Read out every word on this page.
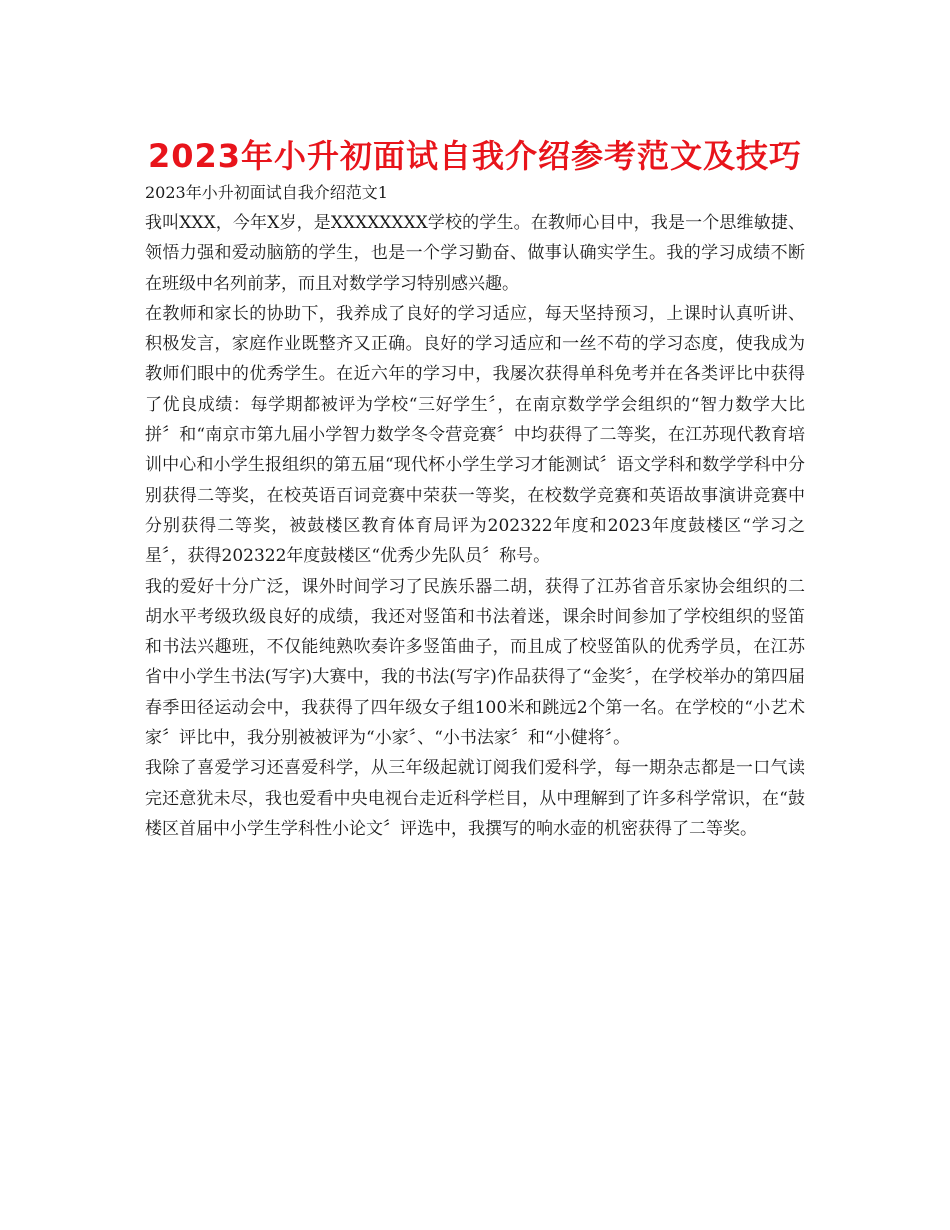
2023年小升初面试自我介绍参考范文及技巧

2023年小升初面试自我介绍范文1

我叫XXX，今年X岁，是XXXXXXXX学校的学生。在教师心目中，我是一个思维敏捷、领悟力强和爱动脑筋的学生，也是一个学习勤奋、做事认确实学生。我的学习成绩不断在班级中名列前茅，而且对数学学习特别感兴趣。

在教师和家长的协助下，我养成了良好的学习适应，每天坚持预习，上课时认真听讲、积极发言，家庭作业既整齐又正确。良好的学习适应和一丝不苟的学习态度，使我成为教师们眼中的优秀学生。在近六年的学习中，我屡次获得单科免考并在各类评比中获得了优良成绩：每学期都被评为学校“三好学生〞，在南京数学学会组织的“智力数学大比拼〞和“南京市第九届小学智力数学冬令营竞赛〞中均获得了二等奖，在江苏现代教育培训中心和小学生报组织的第五届“现代杯小学生学习才能测试〞语文学科和数学学科中分别获得二等奖，在校英语百词竞赛中荣获一等奖，在校数学竞赛和英语故事演讲竞赛中分别获得二等奖，被鼓楼区教育体育局评为202322年度和2023年度鼓楼区“学习之星〞，获得202322年度鼓楼区“优秀少先队员〞称号。

我的爱好十分广泛，课外时间学习了民族乐器二胡，获得了江苏省音乐家协会组织的二胡水平考级玖级良好的成绩，我还对竖笛和书法着迷，课余时间参加了学校组织的竖笛和书法兴趣班，不仅能纯熟吹奏许多竖笛曲子，而且成了校竖笛队的优秀学员，在江苏省中小学生书法(写字)大赛中，我的书法(写字)作品获得了“金奖〞，在学校举办的第四届春季田径运动会中，我获得了四年级女子组100米和跳远2个第一名。在学校的“小艺术家〞评比中，我分别被被评为“小家〞、“小书法家〞和“小健将〞。

我除了喜爱学习还喜爱科学，从三年级起就订阅我们爱科学，每一期杂志都是一口气读完还意犹未尽，我也爱看中央电视台走近科学栏目，从中理解到了许多科学常识，在“鼓楼区首届中小学生学科性小论文〞评选中，我撰写的响水壶的机密获得了二等奖。
